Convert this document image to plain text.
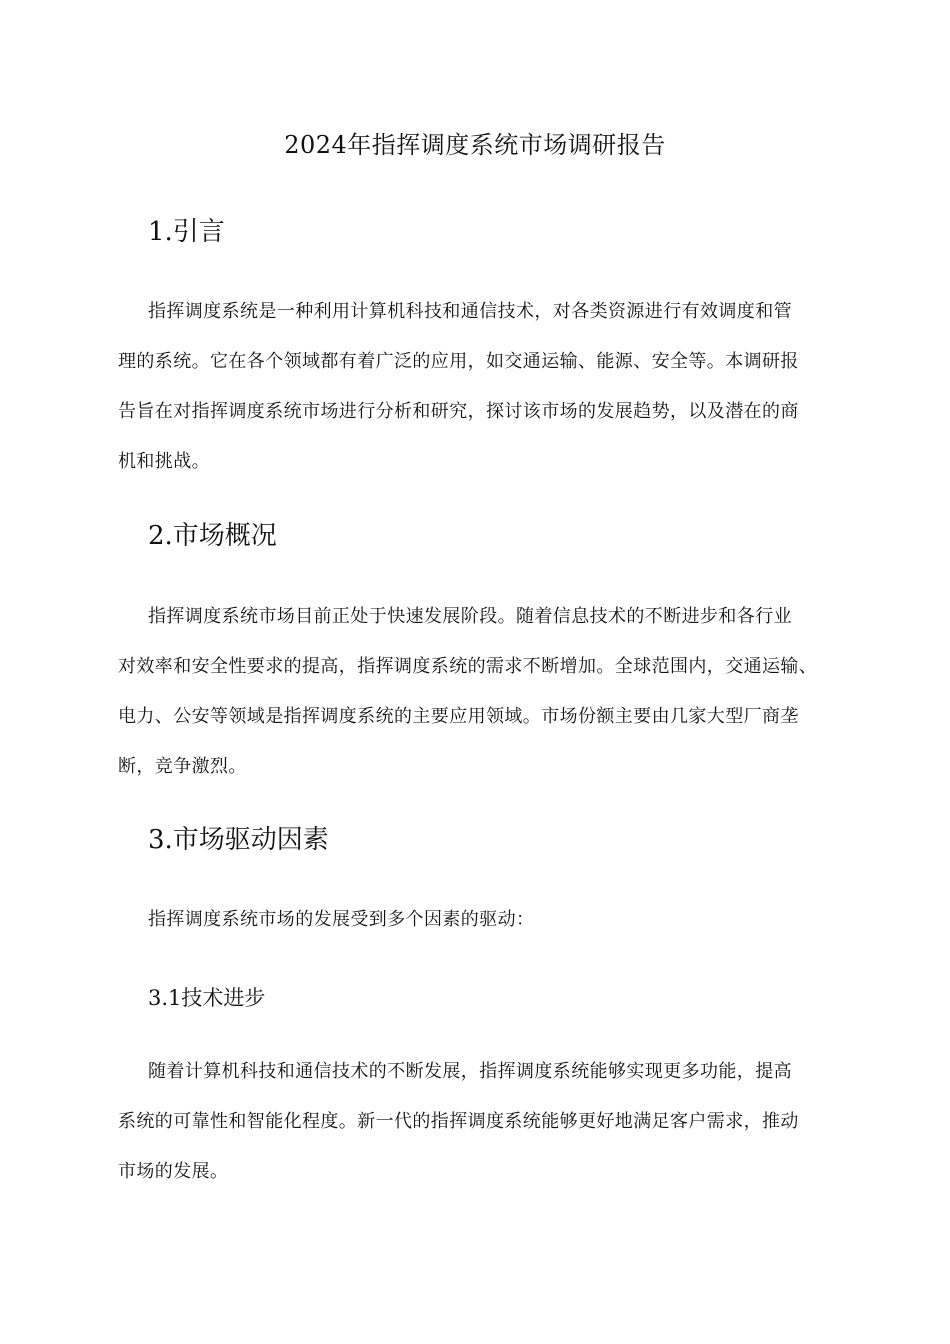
2024年指挥调度系统市场调研报告
1.引言
指挥调度系统是一种利用计算机科技和通信技术，对各类资源进行有效调度和管
理的系统。它在各个领域都有着广泛的应用，如交通运输、能源、安全等。本调研报
告旨在对指挥调度系统市场进行分析和研究，探讨该市场的发展趋势，以及潜在的商
机和挑战。
2.市场概况
指挥调度系统市场目前正处于快速发展阶段。随着信息技术的不断进步和各行业
对效率和安全性要求的提高，指挥调度系统的需求不断增加。全球范围内，交通运输、
电力、公安等领域是指挥调度系统的主要应用领域。市场份额主要由几家大型厂商垄
断，竞争激烈。
3.市场驱动因素
指挥调度系统市场的发展受到多个因素的驱动：
3.1技术进步
随着计算机科技和通信技术的不断发展，指挥调度系统能够实现更多功能，提高
系统的可靠性和智能化程度。新一代的指挥调度系统能够更好地满足客户需求，推动
市场的发展。
